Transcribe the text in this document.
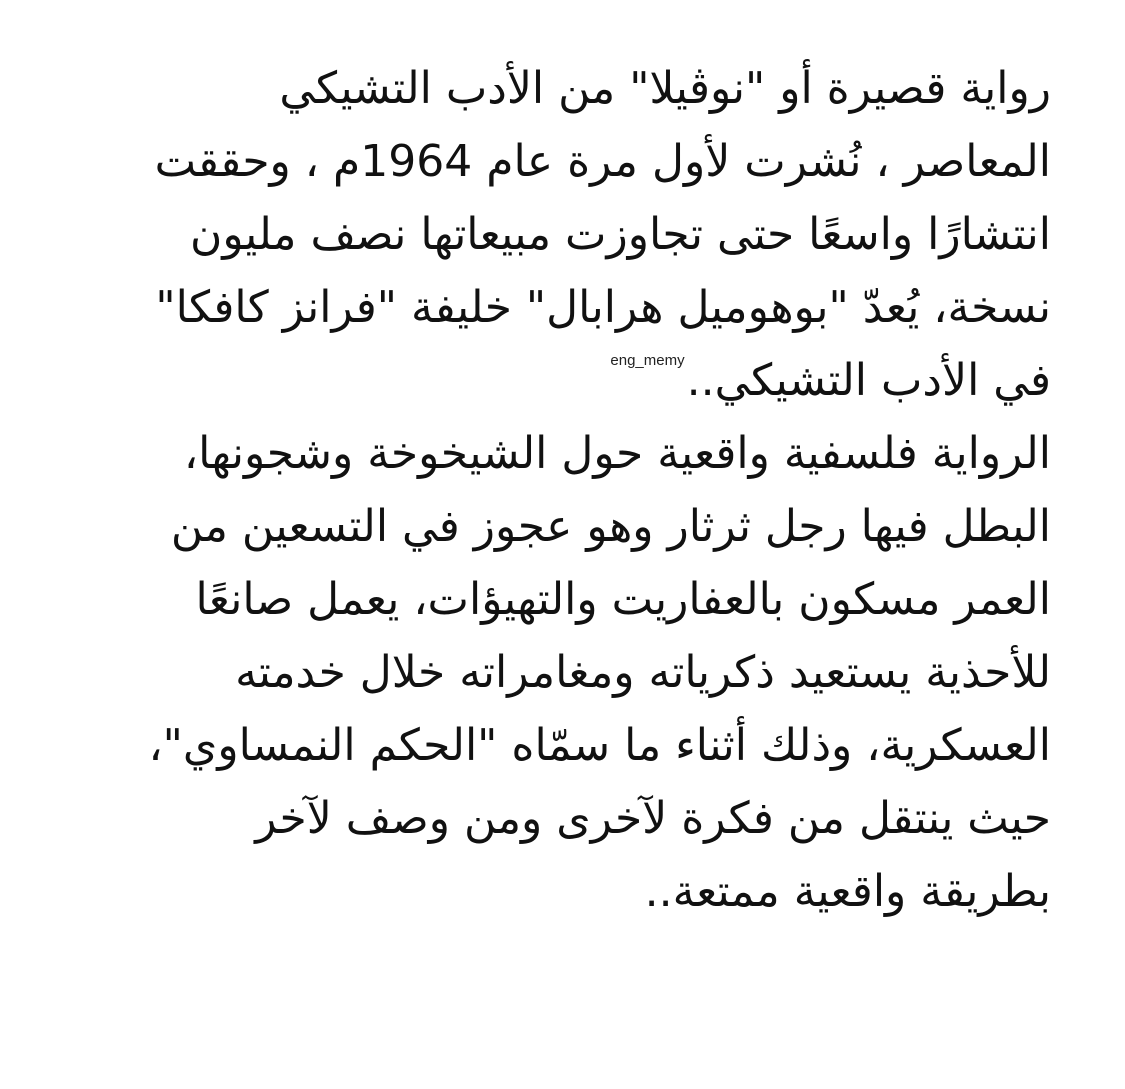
رواية قصيرة أو "نوڤيلا" من الأدب التشيكي
المعاصر ، نُشرت لأول مرة عام 1964م ، وحققت
انتشارًا واسعًا حتى تجاوزت مبيعاتها نصف مليون
نسخة، يُعدّ "بوهوميل هرابال" خليفة "فرانز كافكا"
في الأدب التشيكي..$^{eng\_memy}$
الرواية فلسفية واقعية حول الشيخوخة وشجونها،
البطل فيها رجل ثرثار وهو عجوز في التسعين من
العمر مسكون بالعفاريت والتهيؤات، يعمل صانعًا
للأحذية يستعيد ذكرياته ومغامراته خلال خدمته
العسكرية، وذلك أثناء ما سمّاه "الحكم النمساوي"،
حيث ينتقل من فكرة لآخرى ومن وصف لآخر
بطريقة واقعية ممتعة..
